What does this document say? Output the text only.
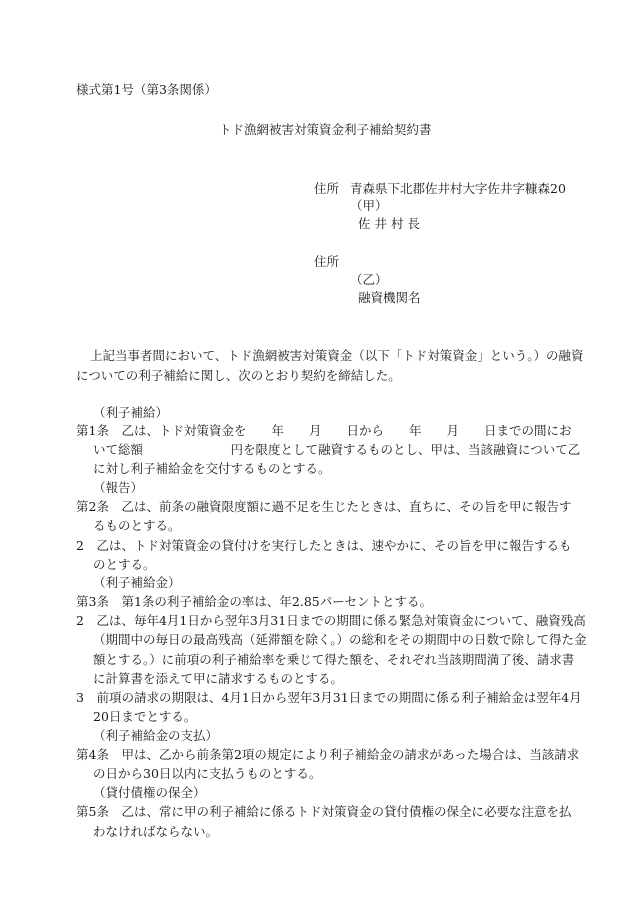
様式第1号（第3条関係）
トド漁網被害対策資金利子補給契約書
住所 青森県下北郡佐井村大字佐井字糠森20
（甲）
佐 井 村 長
住所
（乙）
融資機関名
上記当事者間において、トド漁網被害対策資金（以下「トド対策資金」という。）の融資
についての利子補給に関し、次のとおり契約を締結した。
（利子補給）
第1条　乙は、トド対策資金を　　年　　月　　日から　　年　　月　　日までの間にお
いて総額　　　　　　　円を限度として融資するものとし、甲は、当該融資について乙
に対し利子補給金を交付するものとする。
（報告）
第2条　乙は、前条の融資限度額に過不足を生じたときは、直ちに、その旨を甲に報告す
るものとする。
2　乙は、トド対策資金の貸付けを実行したときは、速やかに、その旨を甲に報告するも
のとする。
（利子補給金）
第3条　第1条の利子補給金の率は、年2.85パーセントとする。
2　乙は、毎年4月1日から翌年3月31日までの期間に係る緊急対策資金について、融資残高
（期間中の毎日の最高残高（延滞額を除く。）の総和をその期間中の日数で除して得た金
額とする。）に前項の利子補給率を乗じて得た額を、それぞれ当該期間満了後、請求書
に計算書を添えて甲に請求するものとする。
3　前項の請求の期限は、4月1日から翌年3月31日までの期間に係る利子補給金は翌年4月
20日までとする。
（利子補給金の支払）
第4条　甲は、乙から前条第2項の規定により利子補給金の請求があった場合は、当該請求
の日から30日以内に支払うものとする。
（貸付債権の保全）
第5条　乙は、常に甲の利子補給に係るトド対策資金の貸付債権の保全に必要な注意を払
わなければならない。
